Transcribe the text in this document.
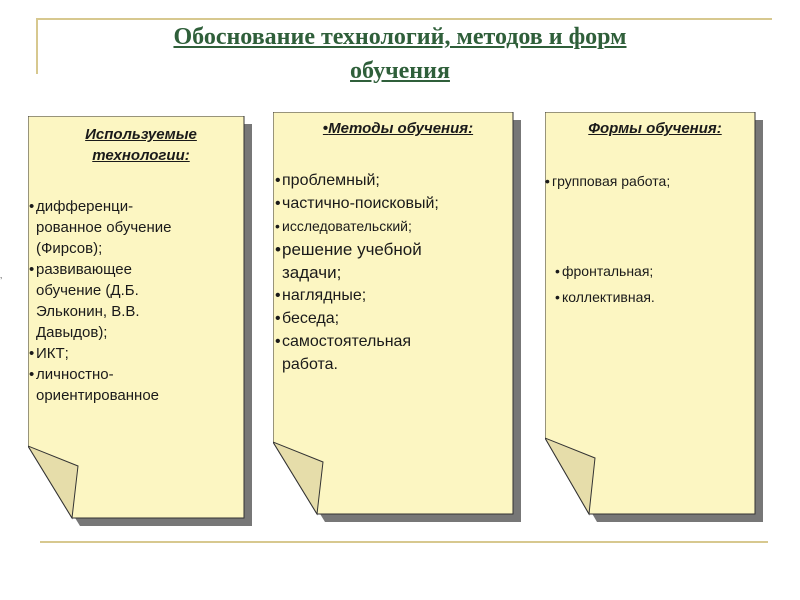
‚
Обоснование технологий, методов и форм
обучения
Используемые
технологии:
• дифференци-
рованное обучение
(Фирсов);
• развивающее
обучение (Д.Б.
Эльконин, В.В.
Давыдов);
• ИКТ;
• личностно-
ориентированное
•Методы обучения:
• проблемный;
• частично-поисковый;
• исследовательский;
• решение учебной
задачи;
• наглядные;
• беседа;
• самостоятельная
работа.
Формы обучения:
• групповая работа;
• фронтальная;
• коллективная.
